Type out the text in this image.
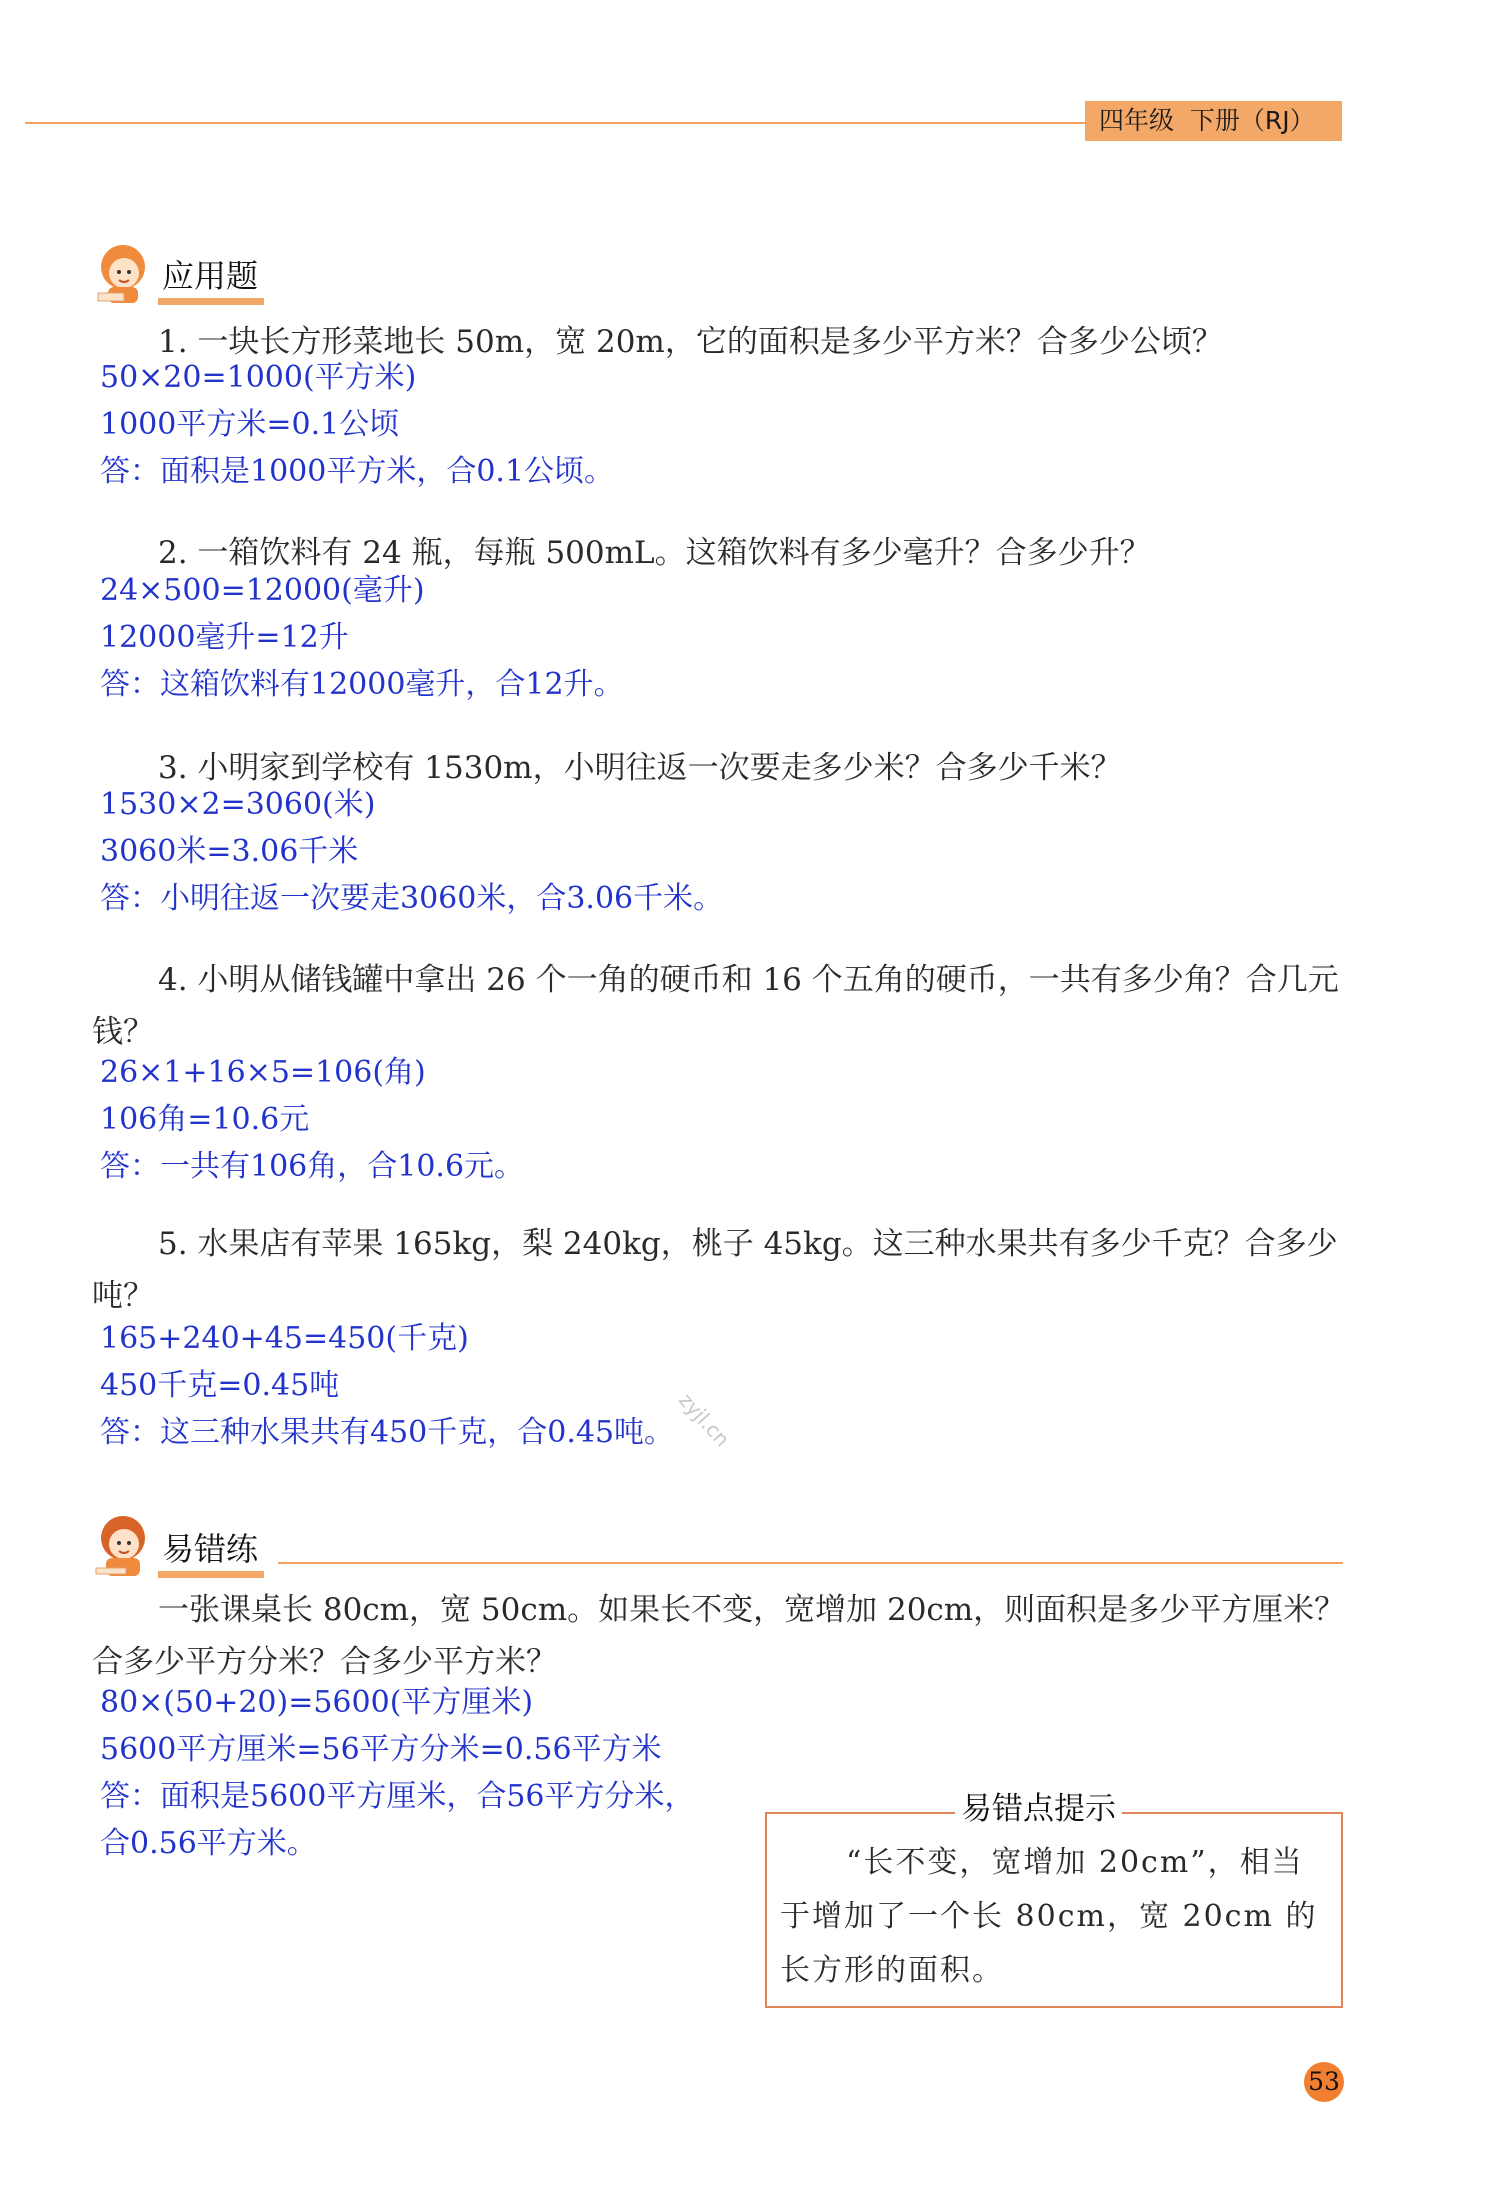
四年级  下册（RJ）
应用题
1. 一块长方形菜地长 50m，宽 20m，它的面积是多少平方米？合多少公顷？
50×20=1000(平方米)
1000平方米=0.1公顷
答：面积是1000平方米，合0.1公顷。
2. 一箱饮料有 24 瓶，每瓶 500mL。这箱饮料有多少毫升？合多少升？
24×500=12000(毫升)
12000毫升=12升
答：这箱饮料有12000毫升，合12升。
3. 小明家到学校有 1530m，小明往返一次要走多少米？合多少千米？
1530×2=3060(米)
3060米=3.06千米
答：小明往返一次要走3060米，合3.06千米。
4. 小明从储钱罐中拿出 26 个一角的硬币和 16 个五角的硬币，一共有多少角？合几元钱？
26×1+16×5=106(角)
106角=10.6元
答：一共有106角，合10.6元。
5. 水果店有苹果 165kg，梨 240kg，桃子 45kg。这三种水果共有多少千克？合多少吨？
165+240+45=450(千克)
450千克=0.45吨
答：这三种水果共有450千克，合0.45吨。 zyjl.cn
易错练
一张课桌长 80cm，宽 50cm。如果长不变，宽增加 20cm，则面积是多少平方厘米？合多少平方分米？合多少平方米？
80×(50+20)=5600(平方厘米)
5600平方厘米=56平方分米=0.56平方米
答：面积是5600平方厘米，合56平方分米，
合0.56平方米。
易错点提示
“长不变，宽增加 20cm”，相当于增加了一个长 80cm，宽 20cm 的长方形的面积。
53
